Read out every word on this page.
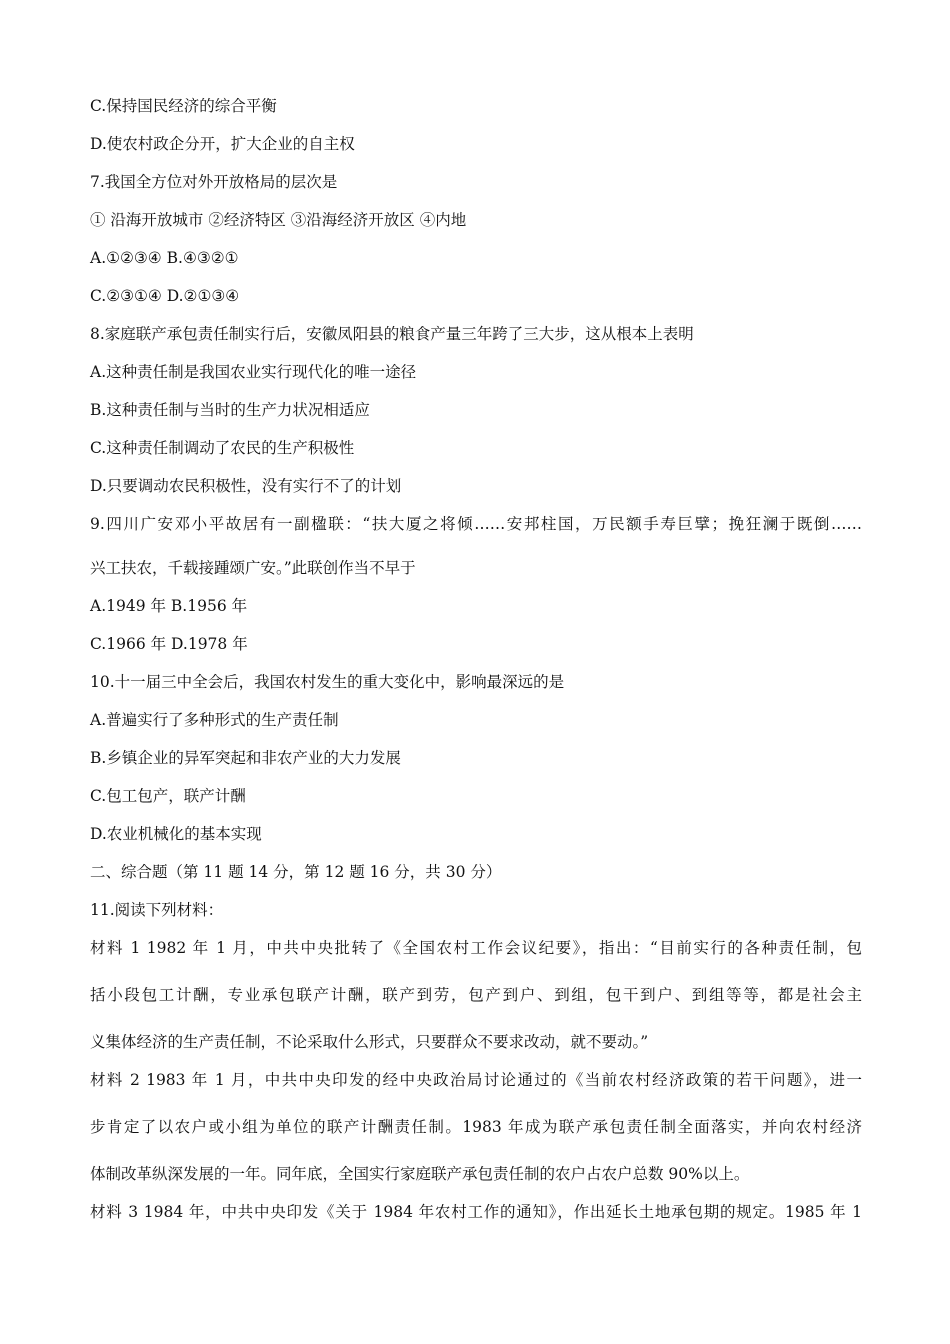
C.保持国民经济的综合平衡

D.使农村政企分开，扩大企业的自主权

7.我国全方位对外开放格局的层次是

① 沿海开放城市 ②经济特区 ③沿海经济开放区 ④内地

A.①②③④ B.④③②①

C.②③①④ D.②①③④

8.家庭联产承包责任制实行后，安徽凤阳县的粮食产量三年跨了三大步，这从根本上表明

A.这种责任制是我国农业实行现代化的唯一途径

B.这种责任制与当时的生产力状况相适应

C.这种责任制调动了农民的生产积极性

D.只要调动农民积极性，没有实行不了的计划

9.四川广安邓小平故居有一副楹联：“扶大厦之将倾……安邦柱国，万民额手寿巨擘；挽狂澜于既倒……

兴工扶农，千载接踵颂广安。”此联创作当不早于

A.1949 年 B.1956 年

C.1966 年 D.1978 年

10.十一届三中全会后，我国农村发生的重大变化中，影响最深远的是

A.普遍实行了多种形式的生产责任制

B.乡镇企业的异军突起和非农产业的大力发展

C.包工包产，联产计酬

D.农业机械化的基本实现

二、综合题（第 11 题 14 分，第 12 题 16 分，共 30 分）

11.阅读下列材料：

材料 1 1982 年 1 月，中共中央批转了《全国农村工作会议纪要》，指出：“目前实行的各种责任制，包

括小段包工计酬，专业承包联产计酬，联产到劳，包产到户、到组，包干到户、到组等等，都是社会主

义集体经济的生产责任制，不论采取什么形式，只要群众不要求改动，就不要动。”

材料 2 1983 年 1 月，中共中央印发的经中央政治局讨论通过的《当前农村经济政策的若干问题》，进一

步肯定了以农户或小组为单位的联产计酬责任制。1983 年成为联产承包责任制全面落实，并向农村经济

体制改革纵深发展的一年。同年底，全国实行家庭联产承包责任制的农户占农户总数 90%以上。

材料 3 1984 年，中共中央印发《关于 1984 年农村工作的通知》，作出延长土地承包期的规定。1985 年 1
